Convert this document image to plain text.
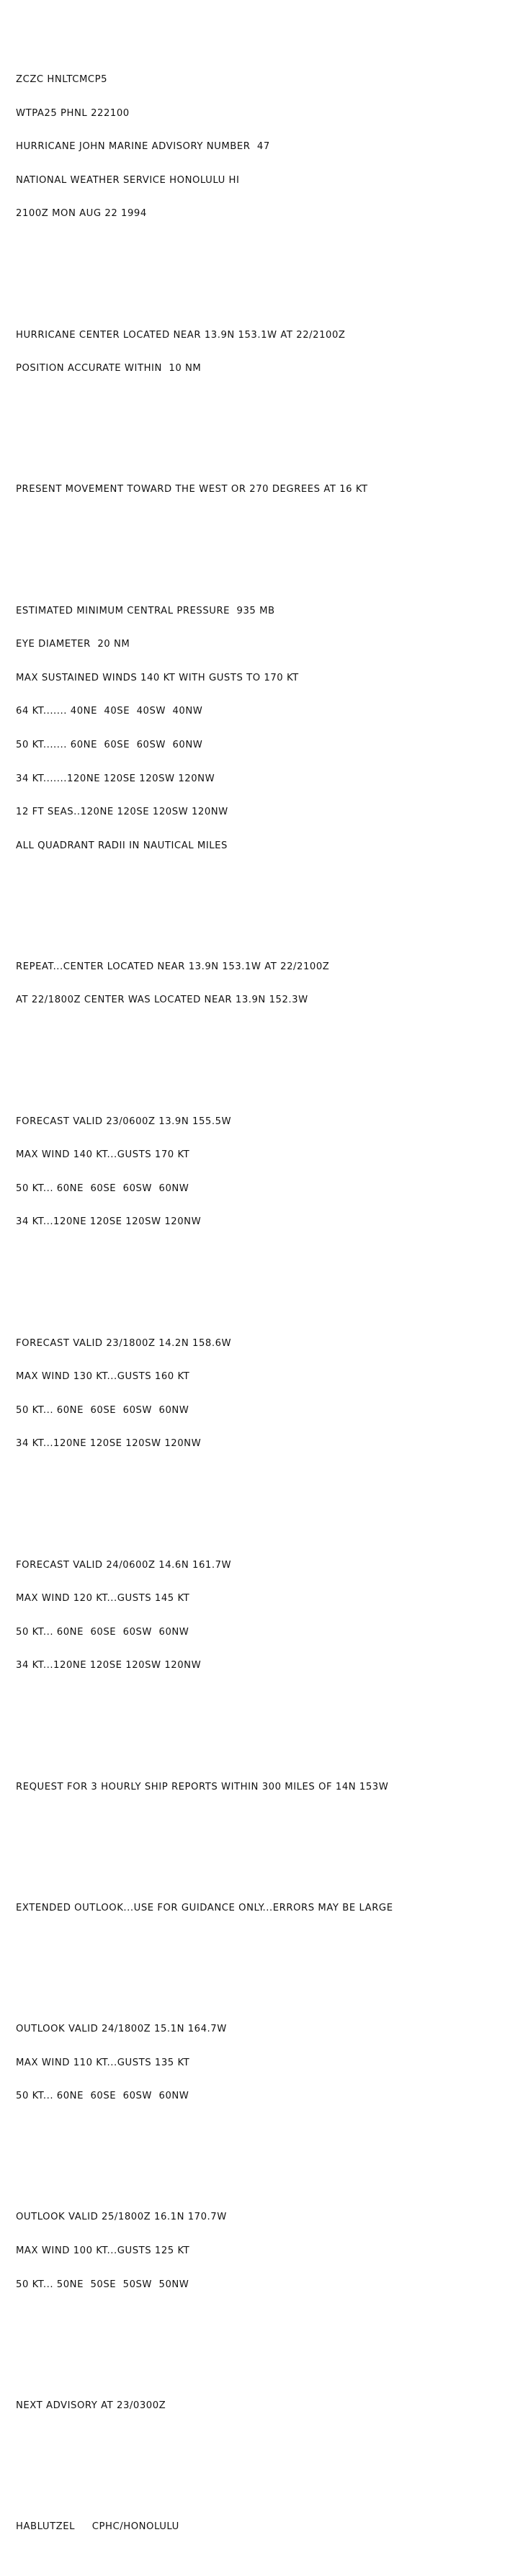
ZCZC HNLTCMCP5

WTPA25 PHNL 222100

HURRICANE JOHN MARINE ADVISORY NUMBER  47

NATIONAL WEATHER SERVICE HONOLULU HI

2100Z MON AUG 22 1994

HURRICANE CENTER LOCATED NEAR 13.9N 153.1W AT 22/2100Z

POSITION ACCURATE WITHIN  10 NM

PRESENT MOVEMENT TOWARD THE WEST OR 270 DEGREES AT 16 KT

ESTIMATED MINIMUM CENTRAL PRESSURE  935 MB

EYE DIAMETER  20 NM

MAX SUSTAINED WINDS 140 KT WITH GUSTS TO 170 KT

64 KT....... 40NE  40SE  40SW  40NW

50 KT....... 60NE  60SE  60SW  60NW

34 KT.......120NE 120SE 120SW 120NW

12 FT SEAS..120NE 120SE 120SW 120NW

ALL QUADRANT RADII IN NAUTICAL MILES

REPEAT...CENTER LOCATED NEAR 13.9N 153.1W AT 22/2100Z

AT 22/1800Z CENTER WAS LOCATED NEAR 13.9N 152.3W

FORECAST VALID 23/0600Z 13.9N 155.5W

MAX WIND 140 KT...GUSTS 170 KT

50 KT... 60NE  60SE  60SW  60NW

34 KT...120NE 120SE 120SW 120NW

FORECAST VALID 23/1800Z 14.2N 158.6W

MAX WIND 130 KT...GUSTS 160 KT

50 KT... 60NE  60SE  60SW  60NW

34 KT...120NE 120SE 120SW 120NW

FORECAST VALID 24/0600Z 14.6N 161.7W

MAX WIND 120 KT...GUSTS 145 KT

50 KT... 60NE  60SE  60SW  60NW

34 KT...120NE 120SE 120SW 120NW

REQUEST FOR 3 HOURLY SHIP REPORTS WITHIN 300 MILES OF 14N 153W

EXTENDED OUTLOOK...USE FOR GUIDANCE ONLY...ERRORS MAY BE LARGE

OUTLOOK VALID 24/1800Z 15.1N 164.7W

MAX WIND 110 KT...GUSTS 135 KT

50 KT... 60NE  60SE  60SW  60NW

OUTLOOK VALID 25/1800Z 16.1N 170.7W

MAX WIND 100 KT...GUSTS 125 KT

50 KT... 50NE  50SE  50SW  50NW

NEXT ADVISORY AT 23/0300Z

HABLUTZEL     CPHC/HONOLULU
